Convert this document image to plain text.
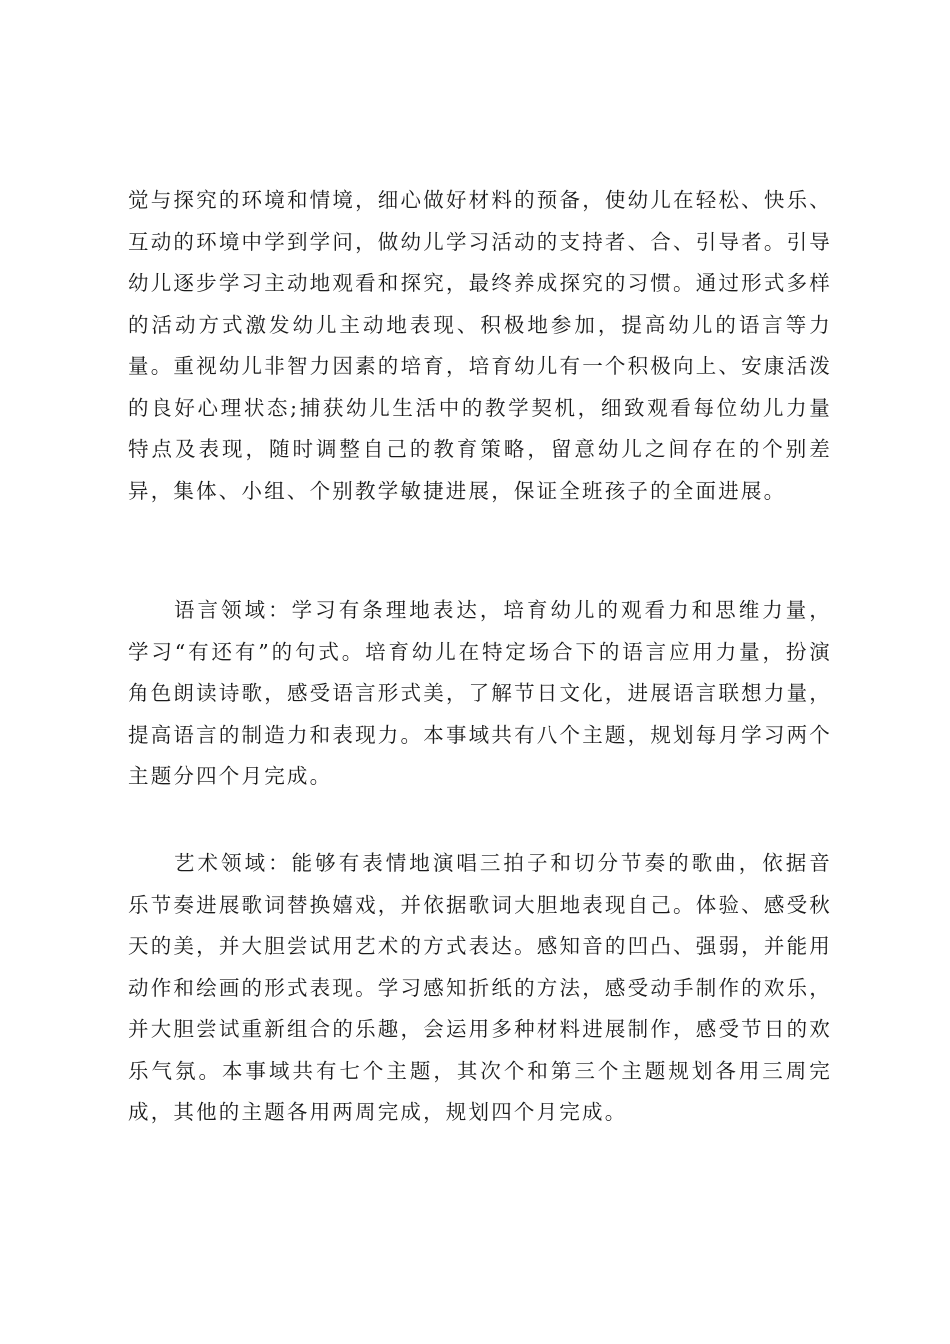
觉与探究的环境和情境，细心做好材料的预备，使幼儿在轻松、快乐、互动的环境中学到学问，做幼儿学习活动的支持者、合、引导者。引导幼儿逐步学习主动地观看和探究，最终养成探究的习惯。通过形式多样的活动方式激发幼儿主动地表现、积极地参加，提高幼儿的语言等力量。重视幼儿非智力因素的培育，培育幼儿有一个积极向上、安康活泼的良好心理状态;捕获幼儿生活中的教学契机，细致观看每位幼儿力量特点及表现，随时调整自己的教育策略，留意幼儿之间存在的个别差异，集体、小组、个别教学敏捷进展，保证全班孩子的全面进展。

语言领域：学习有条理地表达，培育幼儿的观看力和思维力量，学习“有还有”的句式。培育幼儿在特定场合下的语言应用力量，扮演角色朗读诗歌，感受语言形式美，了解节日文化，进展语言联想力量，提高语言的制造力和表现力。本事域共有八个主题，规划每月学习两个主题分四个月完成。

艺术领域：能够有表情地演唱三拍子和切分节奏的歌曲，依据音乐节奏进展歌词替换嬉戏，并依据歌词大胆地表现自己。体验、感受秋天的美，并大胆尝试用艺术的方式表达。感知音的凹凸、强弱，并能用动作和绘画的形式表现。学习感知折纸的方法，感受动手制作的欢乐，并大胆尝试重新组合的乐趣，会运用多种材料进展制作，感受节日的欢乐气氛。本事域共有七个主题，其次个和第三个主题规划各用三周完成，其他的主题各用两周完成，规划四个月完成。
